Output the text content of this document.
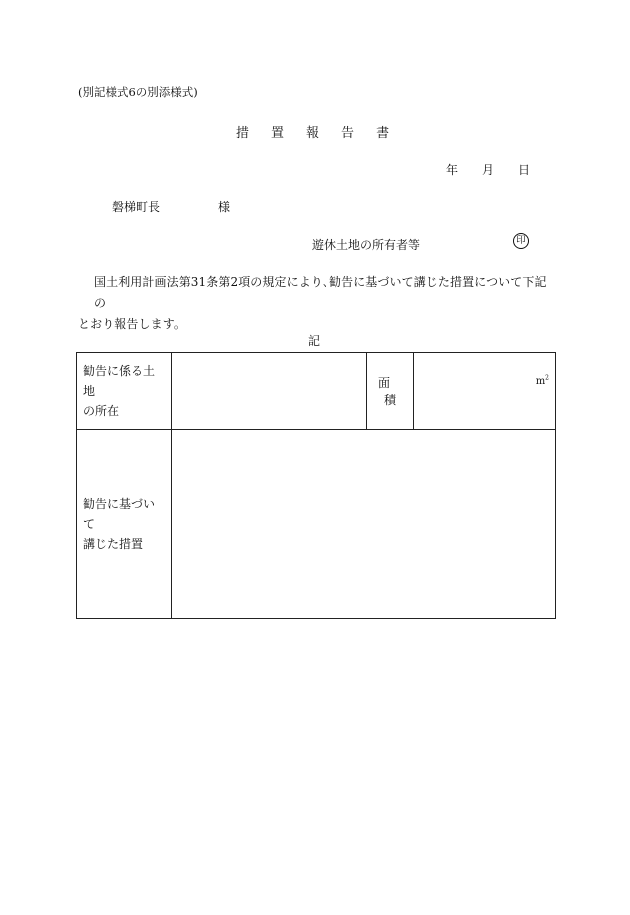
(別記様式6の別添様式)
措 置 報 告 書
年 月 日
磐梯町長	様
遊休土地の所有者等	印
国土利用計画法第31条第2項の規定により､勧告に基づいて講じた措置について下記の
とおり報告します。
記
勧告に係る土地
の所在		面積	$m^2$

勧告に基づいて
講じた措置			
